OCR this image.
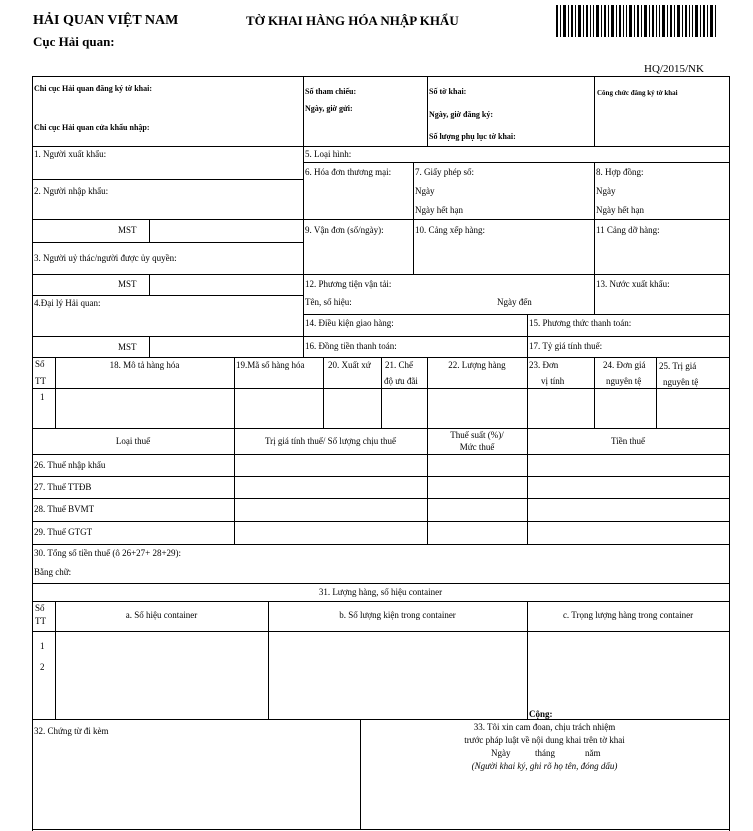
HẢI QUAN VIỆT NAM
Cục Hải quan:
TỜ KHAI HÀNG HÓA NHẬP KHẨU
HQ/2015/NK
Chi cục Hải quan đăng ký tờ khai:
Chi cục Hải quan cửa khẩu nhập:
Số tham chiếu:
Ngày, giờ gửi:
Số tờ khai:
Ngày, giờ đăng ký:
Số lượng phụ lục tờ khai:
Công chức đăng ký tờ khai
1. Người xuất khẩu:
2. Người nhập khẩu:
MST
3. Người uỷ thác/người được ủy quyền:
MST
4.Đại lý Hải quan:
MST
5. Loại hình:
6. Hóa đơn thương mại:	7. Giấy phép số:
Ngày
Ngày hết hạn
8. Hợp đồng:
Ngày
Ngày hết hạn
9. Vận đơn (số/ngày):	10. Cảng xếp hàng:	11 Cảng dỡ hàng:
12. Phương tiện vận tải:
Tên, số hiệu:	Ngày đến
13. Nước xuất khẩu:
14. Điều kiện giao hàng:	15. Phương thức thanh toán:
16. Đồng tiền thanh toán:	17. Tỷ giá tính thuế:
Số
TT
18. Mô tả hàng hóa	19.Mã số hàng hóa	20. Xuất xứ 21. Chế
độ ưu đãi
22. Lượng hàng	23. Đơn
vị tính
24. Đơn giá
nguyên tệ
25. Trị giá
nguyên tệ
1
Loại thuế	Trị giá tính thuế/ Số lượng chịu thuế
Thuế suất (%)/
Mức thuế
Tiền thuế
26. Thuế nhập khẩu
27. Thuế TTĐB
28. Thuế BVMT
29. Thuế GTGT
30. Tổng số tiền thuế (ô 26+27+ 28+29):
Bằng chữ:
31. Lượng hàng, số hiệu container
Số
TT
a. Số hiệu container	b. Số lượng kiện trong container	c. Trọng lượng hàng trong container
1
2
Cộng:
32. Chứng từ đi kèm	33. Tôi xin cam đoan, chịu trách nhiệm
trước pháp luật về nội dung khai trên tờ khai
Ngày	tháng	năm
(Người khai ký, ghi rõ họ tên, đóng dấu)
